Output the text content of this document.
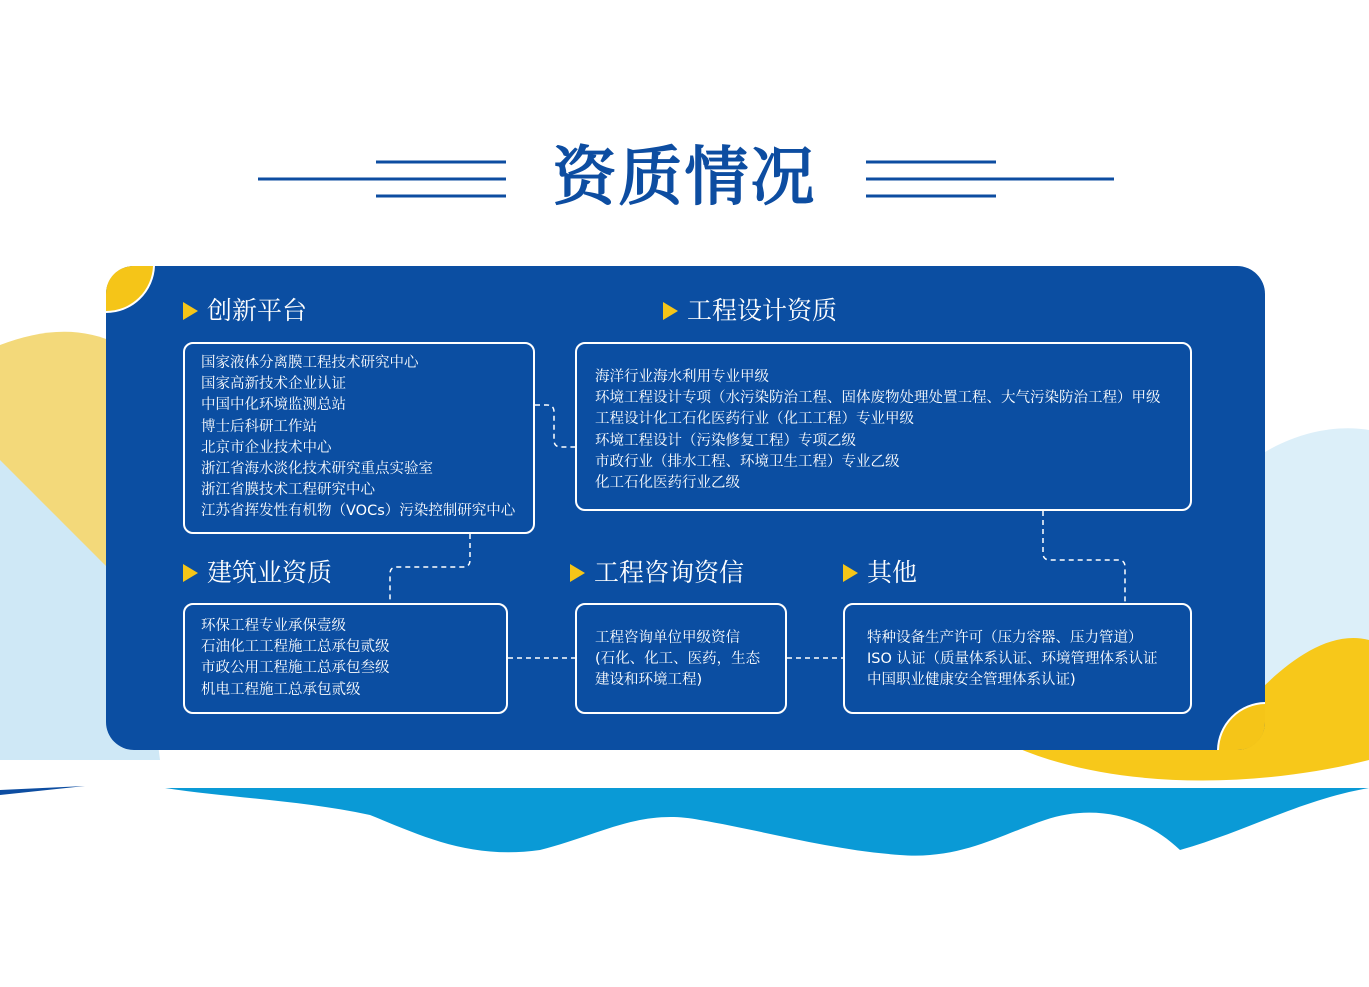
资质情况
创新平台	工程设计资质
建筑业资质	工程咨询资信	其他
国家液体分离膜工程技术研究中心
国家高新技术企业认证
中国中化环境监测总站
博士后科研工作站
北京市企业技术中心
浙江省海水淡化技术研究重点实验室
浙江省膜技术工程研究中心
江苏省挥发性有机物（VOCs）污染控制研究中心
海洋行业海水利用专业甲级
环境工程设计专项（水污染防治工程、固体废物处理处置工程、大气污染防治工程）甲级
工程设计化工石化医药行业（化工工程）专业甲级
环境工程设计（污染修复工程）专项乙级
市政行业（排水工程、环境卫生工程）专业乙级
化工石化医药行业乙级
环保工程专业承保壹级
石油化工工程施工总承包贰级
市政公用工程施工总承包叁级
机电工程施工总承包贰级
工程咨询单位甲级资信
(石化、化工、医药，生态
建设和环境工程)
特种设备生产许可（压力容器、压力管道）
ISO 认证（质量体系认证、环境管理体系认证
中国职业健康安全管理体系认证)
